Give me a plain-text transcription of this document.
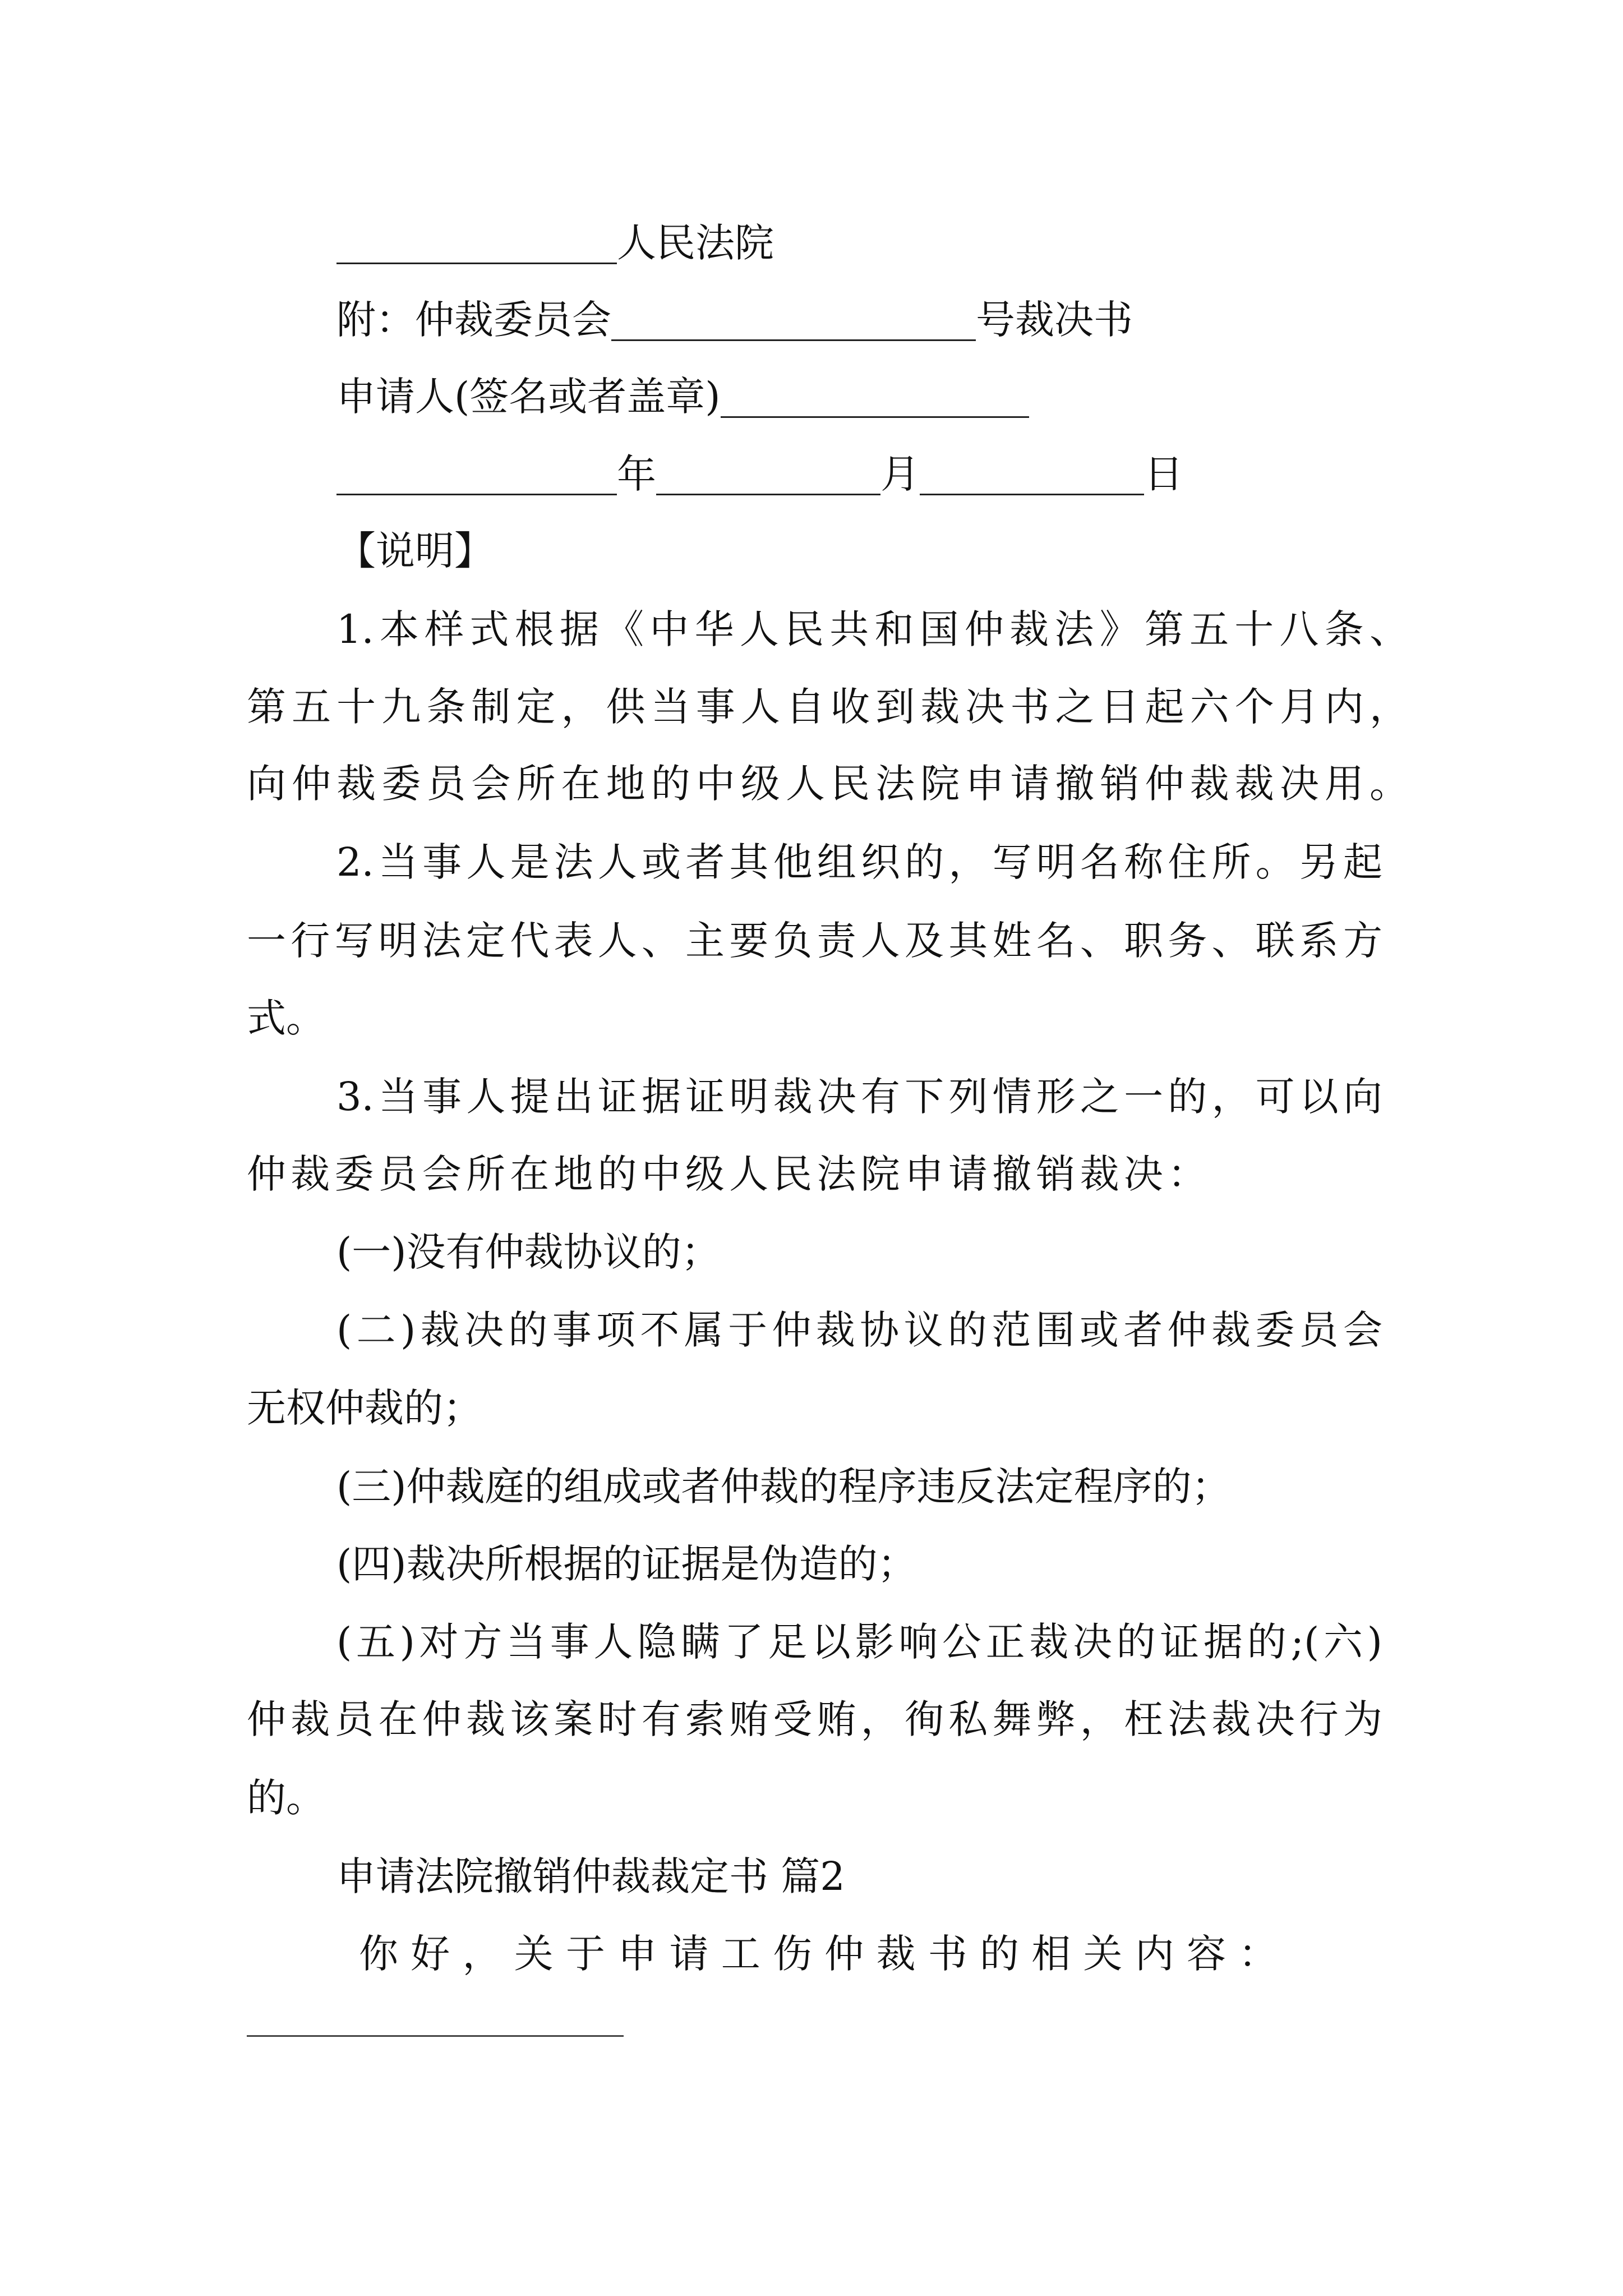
人民法院
附：仲裁委员会	号裁决书
申请人(签名或者盖章)
年	月	日
【说明】
1.本样式根据《中华人民共和国仲裁法》第五十八条、
第五十九条制定，供当事人自收到裁决书之日起六个月内，
向仲裁委员会所在地的中级人民法院申请撤销仲裁裁决用。
2.当事人是法人或者其他组织的，写明名称住所。另起
一行写明法定代表人、主要负责人及其姓名、职务、联系方
式。
3.当事人提出证据证明裁决有下列情形之一的，可以向
仲裁委员会所在地的中级人民法院申请撤销裁决：
(一)没有仲裁协议的；
(二)裁决的事项不属于仲裁协议的范围或者仲裁委员会
无权仲裁的；
(三)仲裁庭的组成或者仲裁的程序违反法定程序的；
(四)裁决所根据的证据是伪造的；
(五)对方当事人隐瞒了足以影响公正裁决的证据的;(六)
仲裁员在仲裁该案时有索贿受贿，徇私舞弊，枉法裁决行为
的。
申请法院撤销仲裁裁定书 篇2
你 好 ， 关 于 申 请 工 伤 仲 裁 书 的 相 关 内 容 ：
